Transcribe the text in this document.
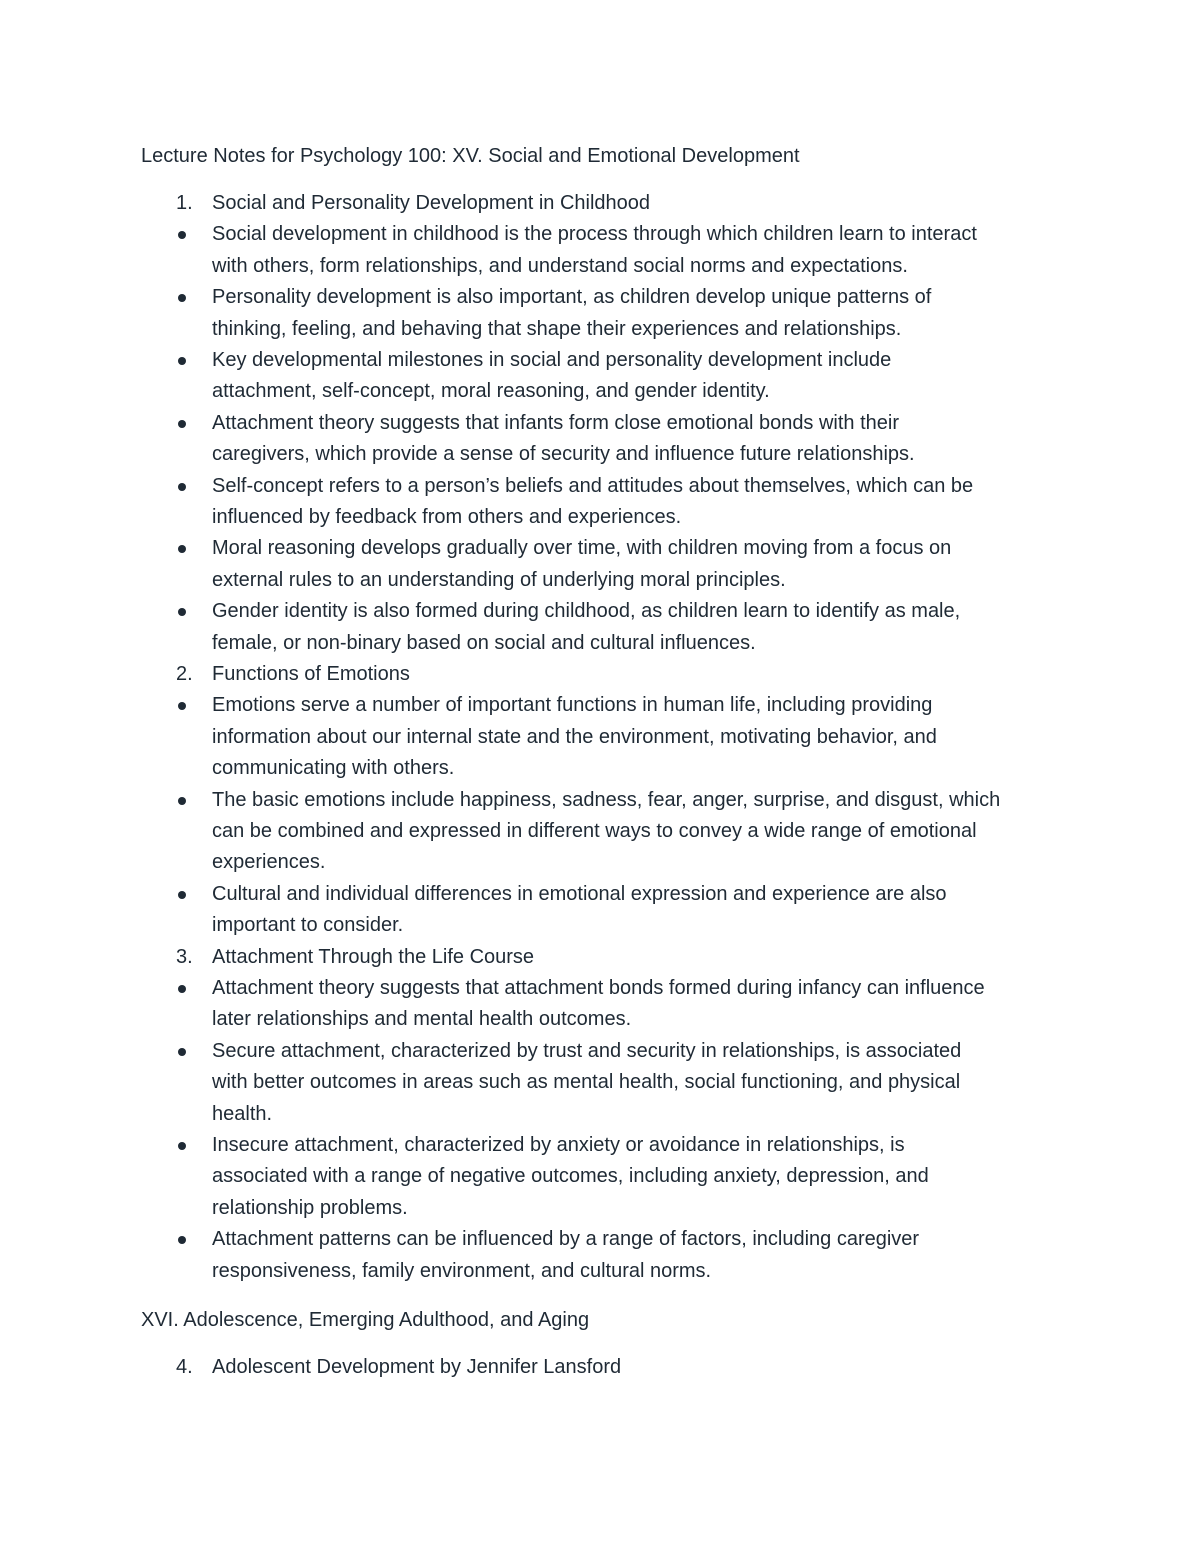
Lecture Notes for Psychology 100: XV. Social and Emotional Development
1. Social and Personality Development in Childhood
Social development in childhood is the process through which children learn to interact
with others, form relationships, and understand social norms and expectations.
Personality development is also important, as children develop unique patterns of
thinking, feeling, and behaving that shape their experiences and relationships.
Key developmental milestones in social and personality development include
attachment, self-concept, moral reasoning, and gender identity.
Attachment theory suggests that infants form close emotional bonds with their
caregivers, which provide a sense of security and influence future relationships.
Self-concept refers to a person’s beliefs and attitudes about themselves, which can be
influenced by feedback from others and experiences.
Moral reasoning develops gradually over time, with children moving from a focus on
external rules to an understanding of underlying moral principles.
Gender identity is also formed during childhood, as children learn to identify as male,
female, or non-binary based on social and cultural influences.
2. Functions of Emotions
Emotions serve a number of important functions in human life, including providing
information about our internal state and the environment, motivating behavior, and
communicating with others.
The basic emotions include happiness, sadness, fear, anger, surprise, and disgust, which
can be combined and expressed in different ways to convey a wide range of emotional
experiences.
Cultural and individual differences in emotional expression and experience are also
important to consider.
3. Attachment Through the Life Course
Attachment theory suggests that attachment bonds formed during infancy can influence
later relationships and mental health outcomes.
Secure attachment, characterized by trust and security in relationships, is associated
with better outcomes in areas such as mental health, social functioning, and physical
health.
Insecure attachment, characterized by anxiety or avoidance in relationships, is
associated with a range of negative outcomes, including anxiety, depression, and
relationship problems.
Attachment patterns can be influenced by a range of factors, including caregiver
responsiveness, family environment, and cultural norms.
4. Adolescent Development by Jennifer Lansford
XVI. Adolescence, Emerging Adulthood, and Aging
